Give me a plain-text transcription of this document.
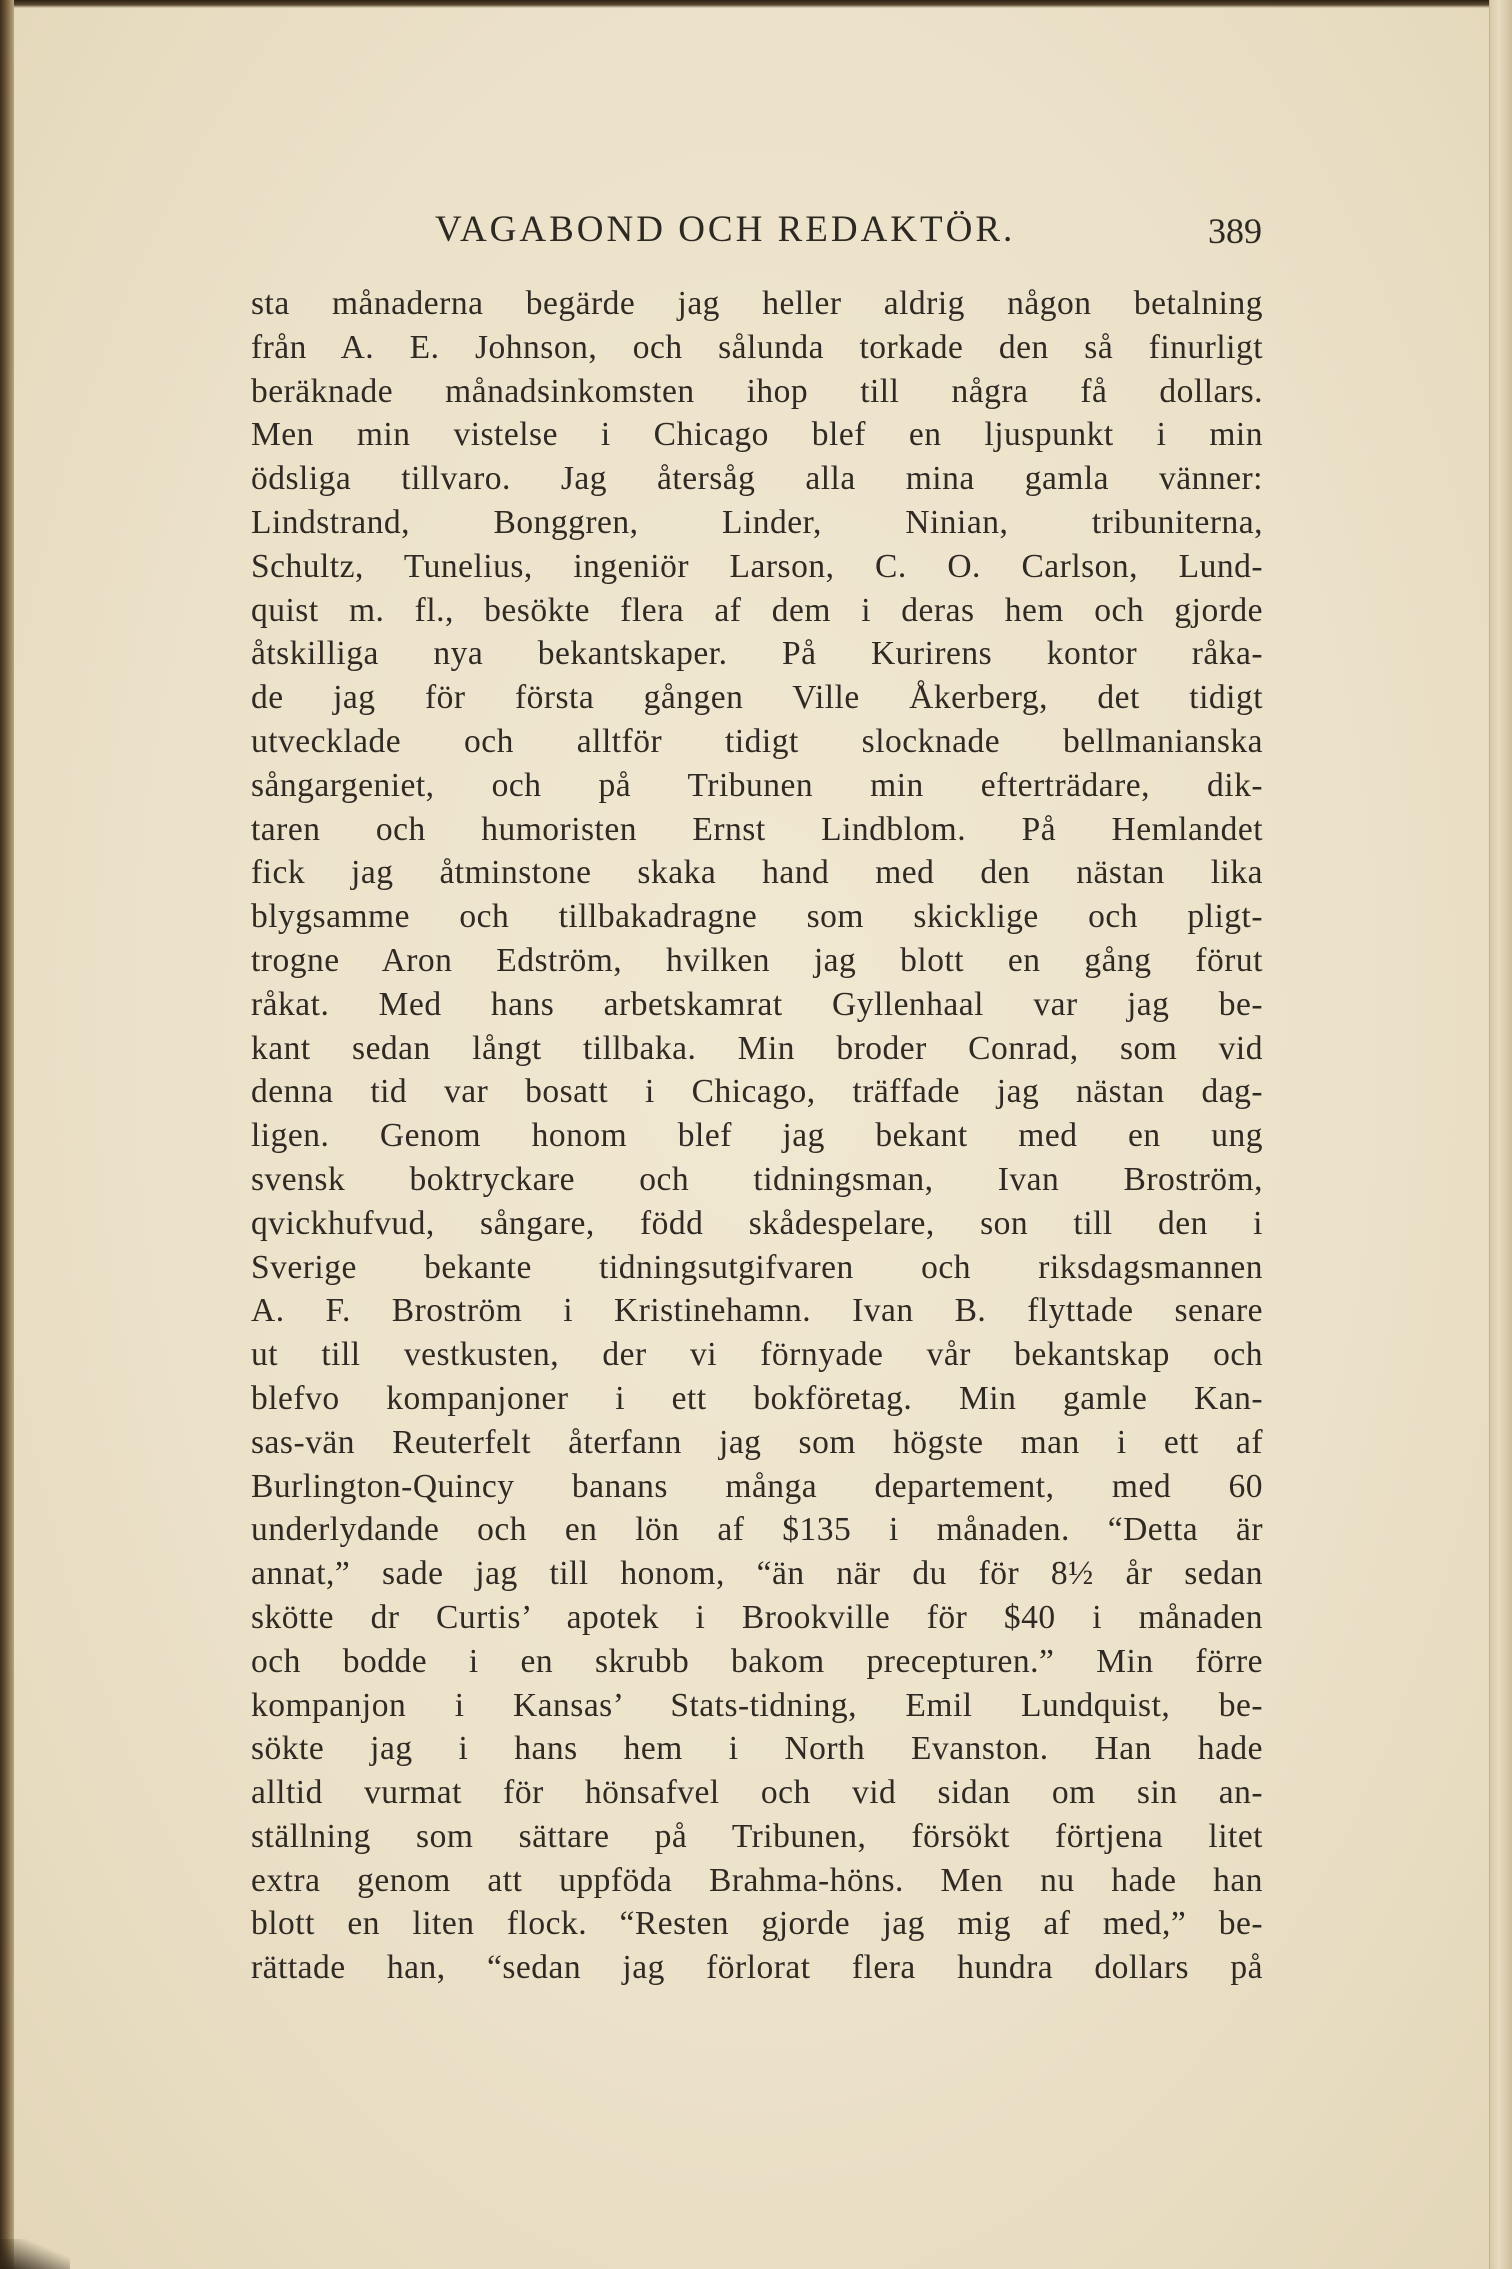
VAGABOND OCH REDAKTÖR.	389
sta månaderna begärde jag heller aldrig någon betalning
från A. E. Johnson, och sålunda torkade den så finurligt
beräknade månadsinkomsten ihop till några få dollars.
Men min vistelse i Chicago blef en ljuspunkt i min
ödsliga tillvaro. Jag återsåg alla mina gamla vänner:
Lindstrand, Bonggren, Linder, Ninian, tribuniterna,
Schultz, Tunelius, ingeniör Larson, C. O. Carlson, Lund-
quist m. fl., besökte flera af dem i deras hem och gjorde
åtskilliga nya bekantskaper. På Kurirens kontor råka-
de jag för första gången Ville Åkerberg, det tidigt
utvecklade och alltför tidigt slocknade bellmanianska
sångargeniet, och på Tribunen min efterträdare, dik-
taren och humoristen Ernst Lindblom. På Hemlandet
fick jag åtminstone skaka hand med den nästan lika
blygsamme och tillbakadragne som skicklige och pligt-
trogne Aron Edström, hvilken jag blott en gång förut
råkat. Med hans arbetskamrat Gyllenhaal var jag be-
kant sedan långt tillbaka. Min broder Conrad, som vid
denna tid var bosatt i Chicago, träffade jag nästan dag-
ligen. Genom honom blef jag bekant med en ung
svensk boktryckare och tidningsman, Ivan Broström,
qvickhufvud, sångare, född skådespelare, son till den i
Sverige bekante tidningsutgifvaren och riksdagsmannen
A. F. Broström i Kristinehamn. Ivan B. flyttade senare
ut till vestkusten, der vi förnyade vår bekantskap och
blefvo kompanjoner i ett bokföretag. Min gamle Kan-
sas-vän Reuterfelt återfann jag som högste man i ett af
Burlington-Quincy banans många departement, med 60
underlydande och en lön af $135 i månaden. “Detta är
annat,” sade jag till honom, “än när du för 8½ år sedan
skötte dr Curtis’ apotek i Brookville för $40 i månaden
och bodde i en skrubb bakom precepturen.” Min förre
kompanjon i Kansas’ Stats-tidning, Emil Lundquist, be-
sökte jag i hans hem i North Evanston. Han hade
alltid vurmat för hönsafvel och vid sidan om sin an-
ställning som sättare på Tribunen, försökt förtjena litet
extra genom att uppföda Brahma-höns. Men nu hade han
blott en liten flock. “Resten gjorde jag mig af med,” be-
rättade han, “sedan jag förlorat flera hundra dollars på
